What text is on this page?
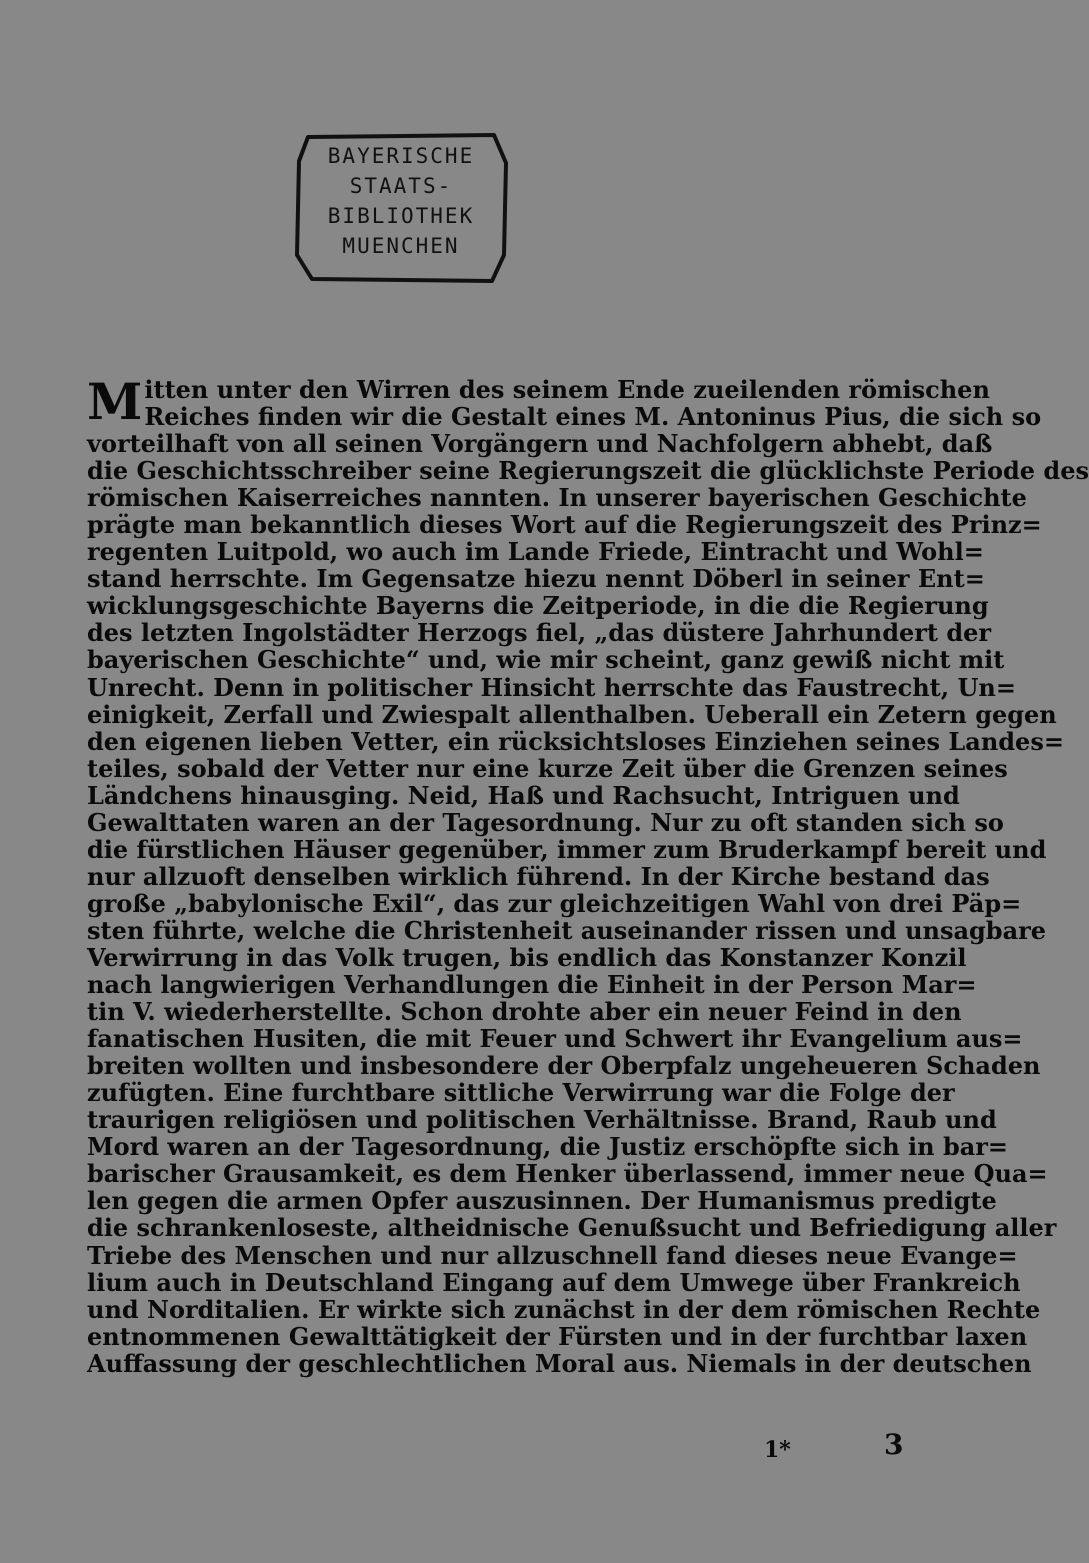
BAYERISCHE
STAATS-
BIBLIOTHEK
MUENCHEN
M itten unter den Wirren des seinem Ende zueilenden römischen
Reiches finden wir die Gestalt eines M. Antoninus Pius, die sich so
vorteilhaft von all seinen Vorgängern und Nachfolgern abhebt, daß
die Geschichtsschreiber seine Regierungszeit die glücklichste Periode des
römischen Kaiserreiches nannten. In unserer bayerischen Geschichte
prägte man bekanntlich dieses Wort auf die Regierungszeit des Prinz=
regenten Luitpold, wo auch im Lande Friede, Eintracht und Wohl=
stand herrschte. Im Gegensatze hiezu nennt Döberl in seiner Ent=
wicklungsgeschichte Bayerns die Zeitperiode, in die die Regierung
des letzten Ingolstädter Herzogs fiel, „das düstere Jahrhundert der
bayerischen Geschichte“ und, wie mir scheint, ganz gewiß nicht mit
Unrecht. Denn in politischer Hinsicht herrschte das Faustrecht, Un=
einigkeit, Zerfall und Zwiespalt allenthalben. Ueberall ein Zetern gegen
den eigenen lieben Vetter, ein rücksichtsloses Einziehen seines Landes=
teiles, sobald der Vetter nur eine kurze Zeit über die Grenzen seines
Ländchens hinausging. Neid, Haß und Rachsucht, Intriguen und
Gewalttaten waren an der Tagesordnung. Nur zu oft standen sich so
die fürstlichen Häuser gegenüber, immer zum Bruderkampf bereit und
nur allzuoft denselben wirklich führend. In der Kirche bestand das
große „babylonische Exil“, das zur gleichzeitigen Wahl von drei Päp=
sten führte, welche die Christenheit auseinander rissen und unsagbare
Verwirrung in das Volk trugen, bis endlich das Konstanzer Konzil
nach langwierigen Verhandlungen die Einheit in der Person Mar=
tin V. wiederherstellte. Schon drohte aber ein neuer Feind in den
fanatischen Husiten, die mit Feuer und Schwert ihr Evangelium aus=
breiten wollten und insbesondere der Oberpfalz ungeheueren Schaden
zufügten. Eine furchtbare sittliche Verwirrung war die Folge der
traurigen religiösen und politischen Verhältnisse. Brand, Raub und
Mord waren an der Tagesordnung, die Justiz erschöpfte sich in bar=
barischer Grausamkeit, es dem Henker überlassend, immer neue Qua=
len gegen die armen Opfer auszusinnen. Der Humanismus predigte
die schrankenloseste, altheidnische Genußsucht und Befriedigung aller
Triebe des Menschen und nur allzuschnell fand dieses neue Evange=
lium auch in Deutschland Eingang auf dem Umwege über Frankreich
und Norditalien. Er wirkte sich zunächst in der dem römischen Rechte
entnommenen Gewalttätigkeit der Fürsten und in der furchtbar laxen
Auffassung der geschlechtlichen Moral aus. Niemals in der deutschen
1*	3
